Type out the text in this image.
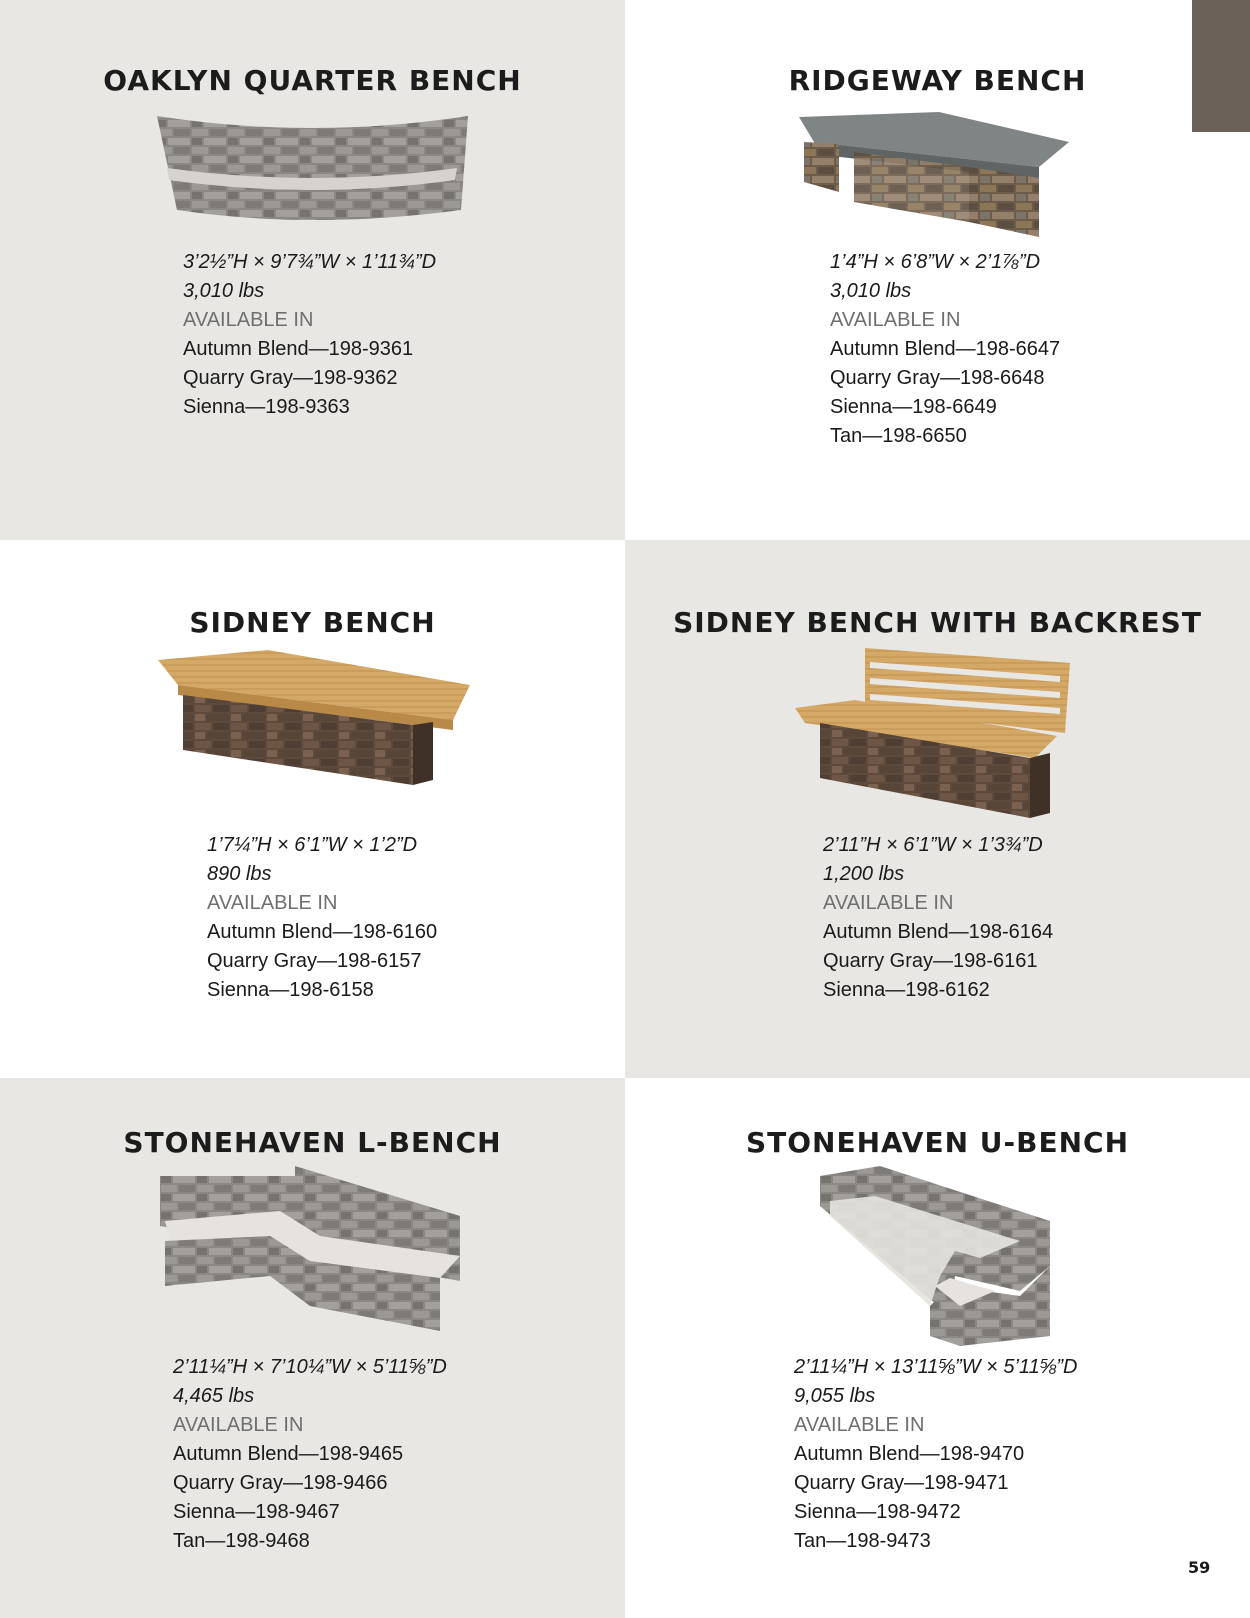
OAKLYN QUARTER BENCH
3’2½”H × 9’7¾”W × 1’11¾”D
3,010 lbs
AVAILABLE IN
Autumn Blend—198-9361
Quarry Gray—198-9362
Sienna—198-9363
RIDGEWAY BENCH
1’4”H × 6’8”W × 2’1⅞”D
3,010 lbs
AVAILABLE IN
Autumn Blend—198-6647
Quarry Gray—198-6648
Sienna—198-6649
Tan—198-6650
SIDNEY BENCH
1’7¼”H × 6’1”W × 1’2”D
890 lbs
AVAILABLE IN
Autumn Blend—198-6160
Quarry Gray—198-6157
Sienna—198-6158
SIDNEY BENCH WITH BACKREST
2’11”H × 6’1”W × 1’3¾”D
1,200 lbs
AVAILABLE IN
Autumn Blend—198-6164
Quarry Gray—198-6161
Sienna—198-6162
STONEHAVEN L-BENCH
2’11¼”H × 7’10¼”W × 5’11⅝”D
4,465 lbs
AVAILABLE IN
Autumn Blend—198-9465
Quarry Gray—198-9466
Sienna—198-9467
Tan—198-9468
STONEHAVEN U-BENCH
2’11¼”H × 13’11⅝”W × 5’11⅝”D
9,055 lbs
AVAILABLE IN
Autumn Blend—198-9470
Quarry Gray—198-9471
Sienna—198-9472
Tan—198-9473
59
